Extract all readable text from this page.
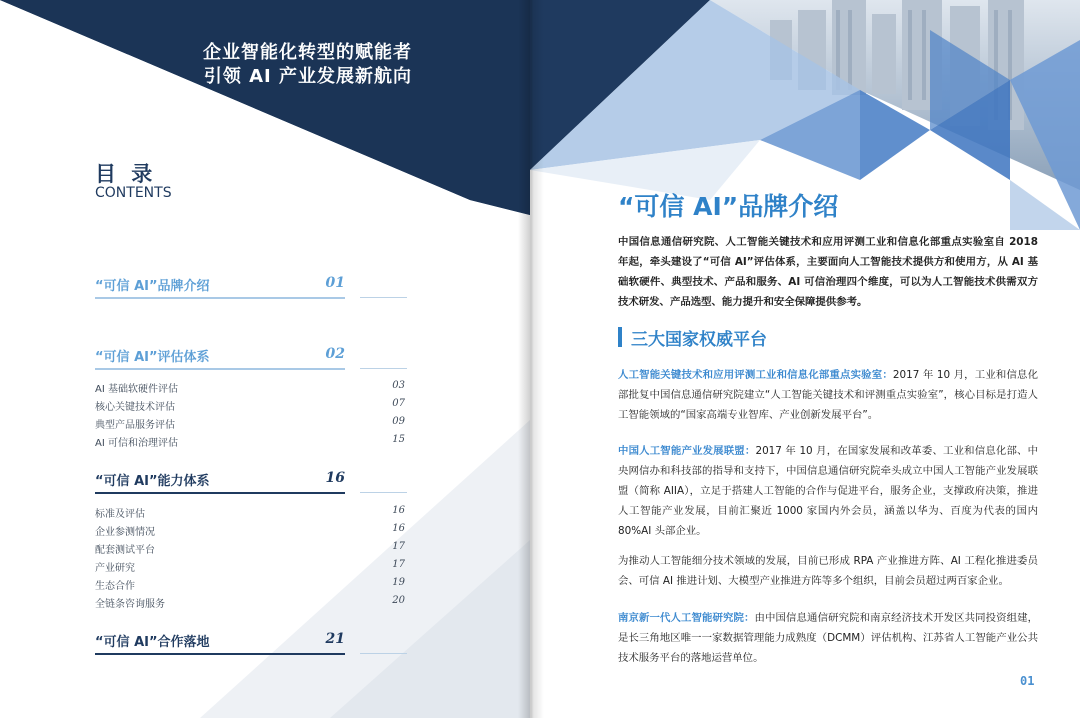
企业智能化转型的赋能者
引领 AI 产业发展新航向
目 录
CONTENTS
“可信 AI”品牌介绍	01
“可信 AI”评估体系	02
AI 基础软硬件评估	03
核心关键技术评估	07
典型产品服务评估	09
AI 可信和治理评估	15
“可信 AI”能力体系	16
标准及评估	16
企业参测情况	16
配套测试平台	17
产业研究	17
生态合作	19
全链条咨询服务	20
“可信 AI”合作落地	21
“可信 AI”品牌介绍
中国信息通信研究院、人工智能关键技术和应用评测工业和信息化部重点实验室自 2018 年起，牵头建设了“可信 AI”评估体系，主要面向人工智能技术提供方和使用方，从 AI 基础软硬件、典型技术、产品和服务、AI 可信治理四个维度，可以为人工智能技术供需双方技术研发、产品选型、能力提升和安全保障提供参考。
三大国家权威平台
人工智能关键技术和应用评测工业和信息化部重点实验室：2017 年 10 月，工业和信息化部批复中国信息通信研究院建立“人工智能关键技术和评测重点实验室”，核心目标是打造人工智能领域的“国家高端专业智库、产业创新发展平台”。
中国人工智能产业发展联盟：2017 年 10 月，在国家发展和改革委、工业和信息化部、中央网信办和科技部的指导和支持下，中国信息通信研究院牵头成立中国人工智能产业发展联盟（简称 AIIA），立足于搭建人工智能的合作与促进平台，服务企业，支撑政府决策，推进人工智能产业发展，目前汇聚近 1000 家国内外会员，涵盖以华为、百度为代表的国内 80%AI 头部企业。
为推动人工智能细分技术领域的发展，目前已形成 RPA 产业推进方阵、AI 工程化推进委员会、可信 AI 推进计划、大模型产业推进方阵等多个组织，目前会员超过两百家企业。
南京新一代人工智能研究院：由中国信息通信研究院和南京经济技术开发区共同投资组建，是长三角地区唯一一家数据管理能力成熟度（DCMM）评估机构、江苏省人工智能产业公共技术服务平台的落地运营单位。
01
